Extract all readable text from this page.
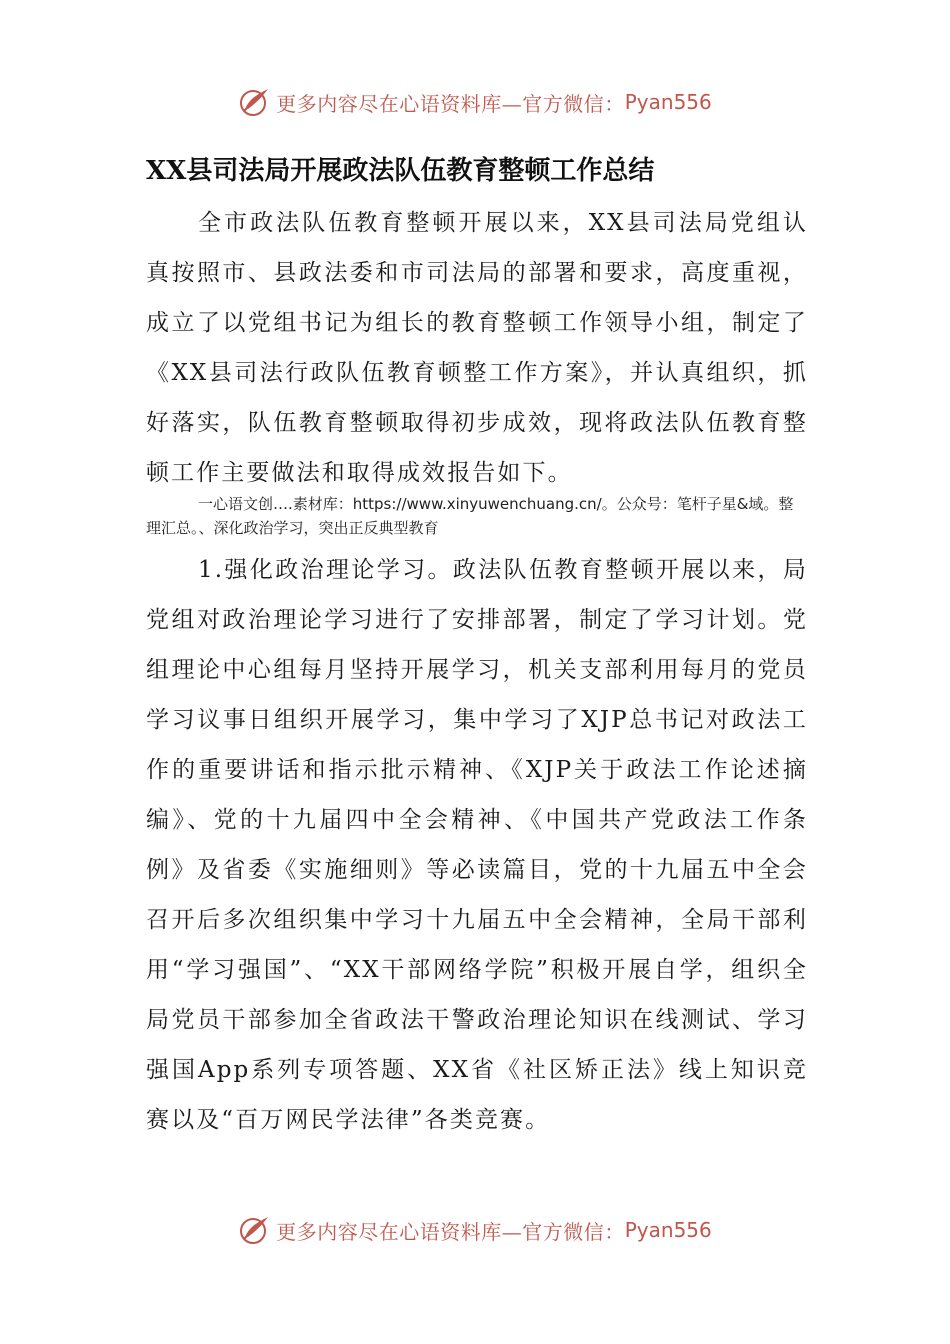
更多内容尽在心语资料库—官方微信： Pyan556
XX县司法局开展政法队伍教育整顿工作总结

全市政法队伍教育整顿开展以来，XX县司法局党组认真按照市、县政法委和市司法局的部署和要求，高度重视，成立了以党组书记为组长的教育整顿工作领导小组，制定了《XX县司法行政队伍教育顿整工作方案》，并认真组织，抓好落实，队伍教育整顿取得初步成效，现将政法队伍教育整顿工作主要做法和取得成效报告如下。

一心语文创….素材库：https://www.xinyuwenchuang.cn/。公众号：笔杆子星&域。整理汇总。、深化政治学习，突出正反典型教育

1.强化政治理论学习。政法队伍教育整顿开展以来，局党组对政治理论学习进行了安排部署，制定了学习计划。党组理论中心组每月坚持开展学习，机关支部利用每月的党员学习议事日组织开展学习，集中学习了XJP总书记对政法工作的重要讲话和指示批示精神、《XJP关于政法工作论述摘编》、党的十九届四中全会精神、《中国共产党政法工作条例》及省委《实施细则》等必读篇目，党的十九届五中全会召开后多次组织集中学习十九届五中全会精神，全局干部利用“学习强国”、“XX干部网络学院”积极开展自学，组织全局党员干部参加全省政法干警政治理论知识在线测试、学习强国App系列专项答题、XX省《社区矫正法》线上知识竞赛以及“百万网民学法律”各类竞赛。

更多内容尽在心语资料库—官方微信： Pyan556
